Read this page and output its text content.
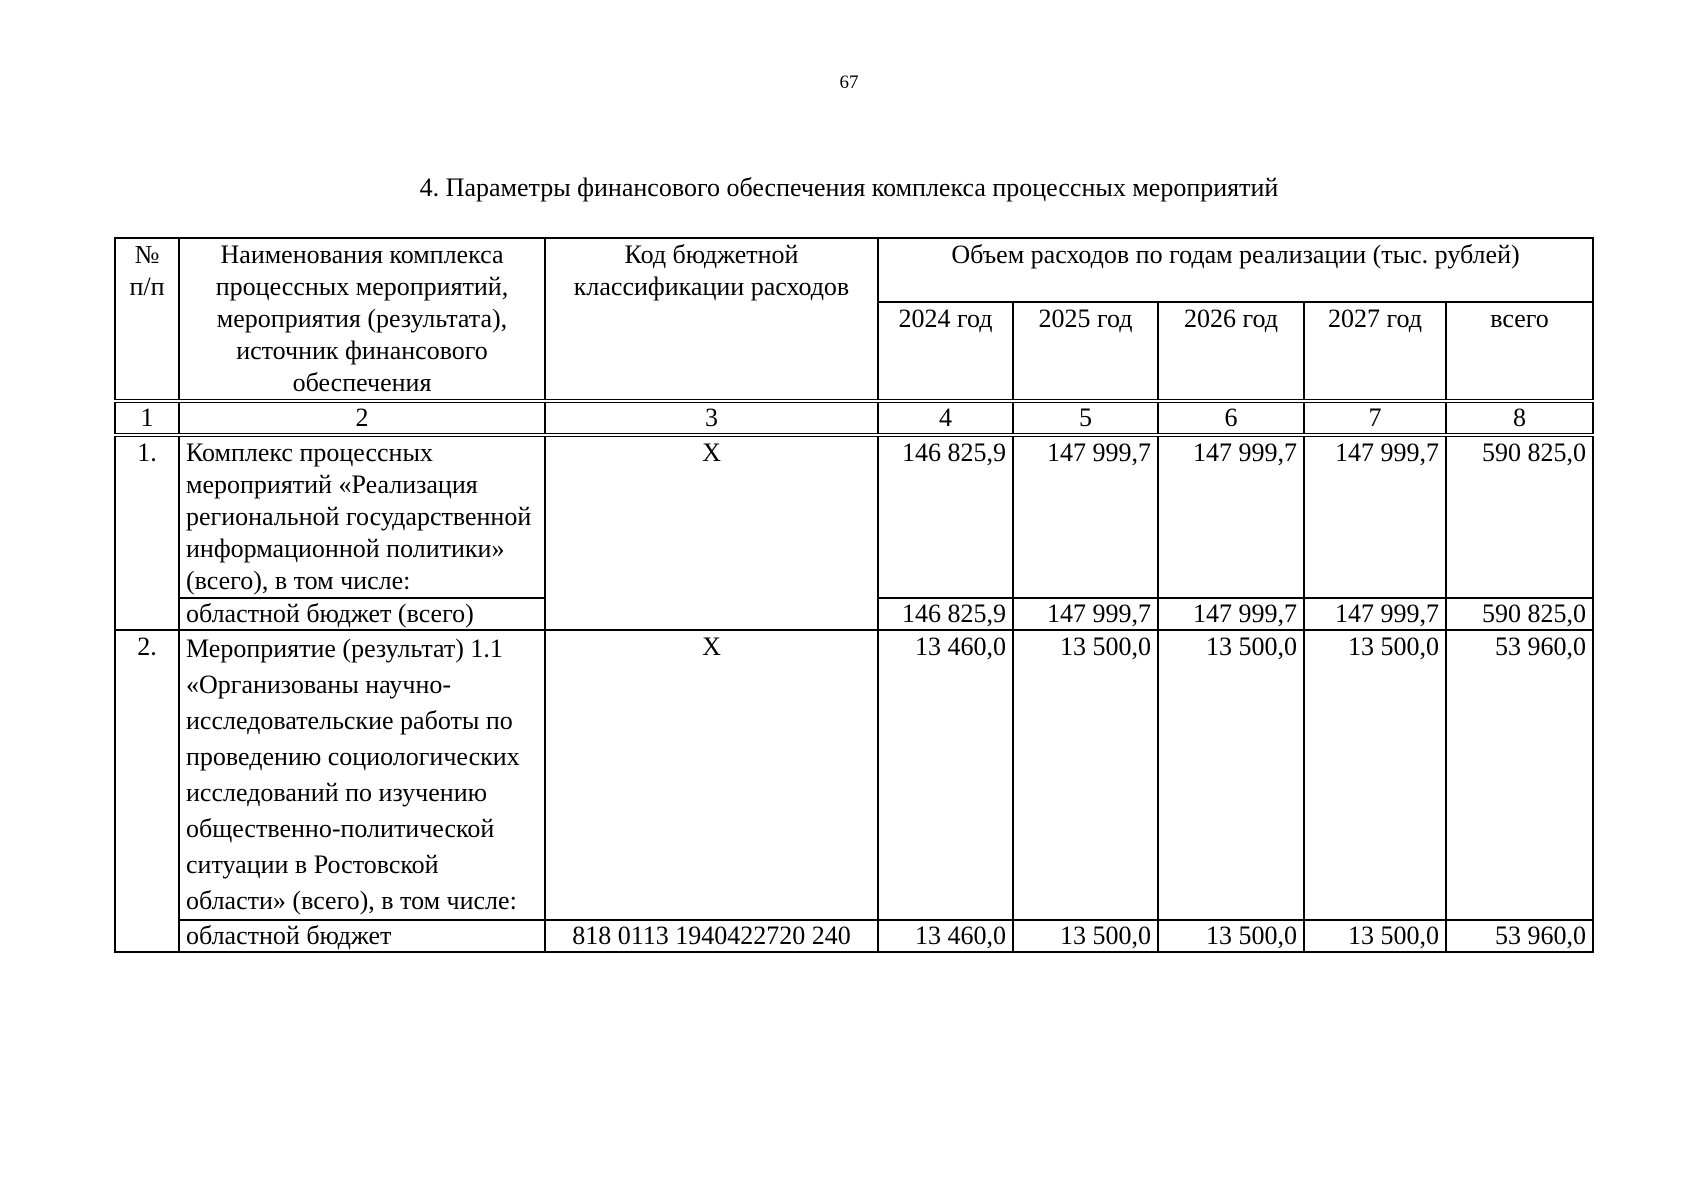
67
4. Параметры финансового обеспечения комплекса процессных мероприятий
№ п/п	Наименования комплекса процессных мероприятий, мероприятия (результата), источник финансового обеспечения	Код бюджетной классификации расходов	Объем расходов по годам реализации (тыс. рублей)				
			2024 год	2025 год	2026 год	2027 год	всего
1	2	3	4	5	6	7	8
1.	Комплекс процессных мероприятий «Реализация региональной государственной информационной политики» (всего), в том числе:	Х	146 825,9	147 999,7	147 999,7	147 999,7	590 825,0
	областной бюджет (всего)		146 825,9	147 999,7	147 999,7	147 999,7	590 825,0
2.	Мероприятие (результат) 1.1 «Организованы научно-исследовательские работы по проведению социологических исследований по изучению общественно-политической ситуации в Ростовской области» (всего), в том числе:	Х	13 460,0	13 500,0	13 500,0	13 500,0	53 960,0
	областной бюджет	818 0113 1940422720 240	13 460,0	13 500,0	13 500,0	13 500,0	53 960,0
